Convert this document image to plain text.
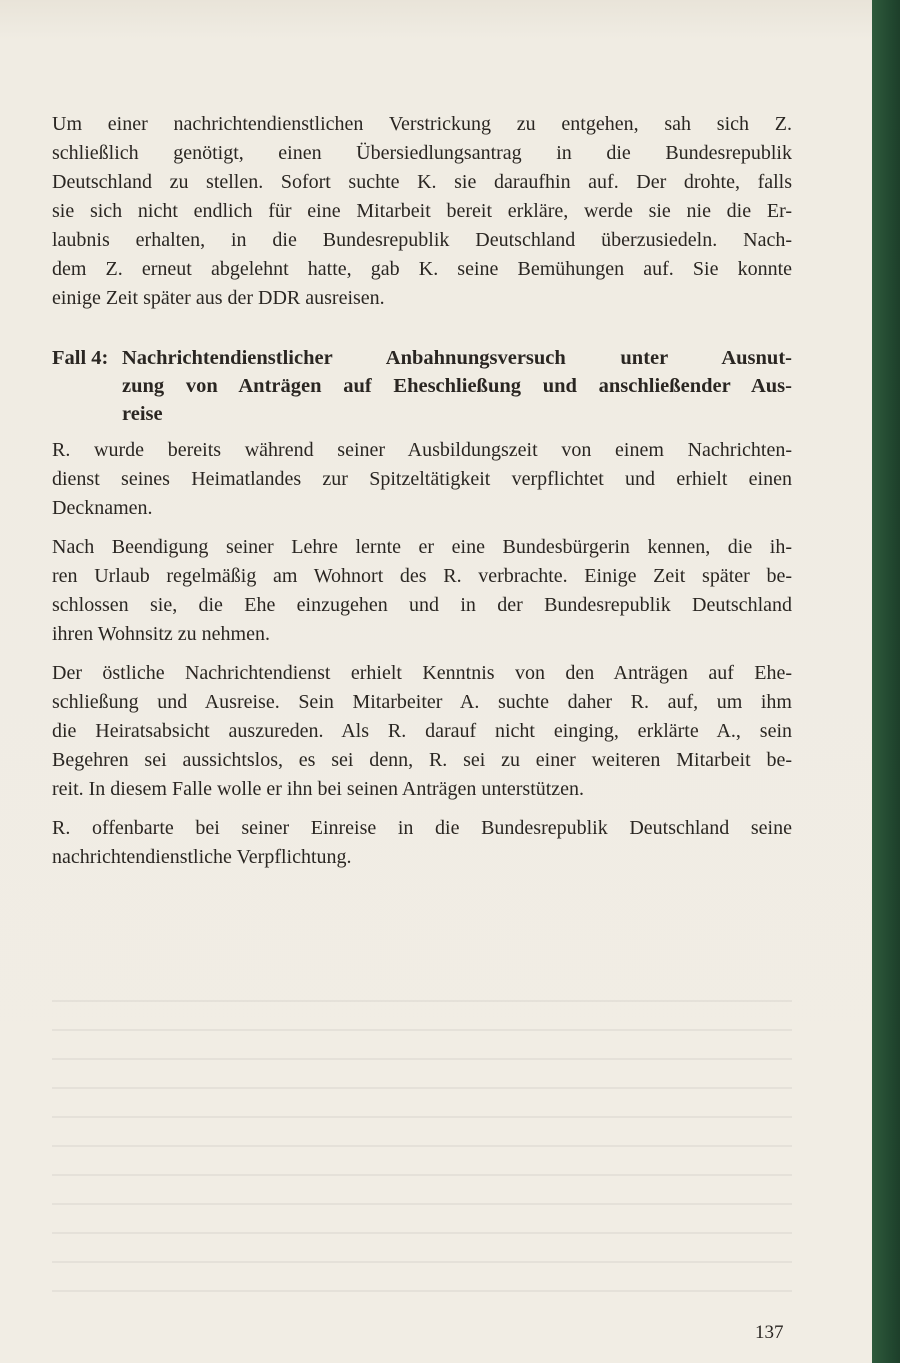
Um einer nachrichtendienstlichen Verstrickung zu entgehen, sah sich Z.
schließlich genötigt, einen Übersiedlungsantrag in die Bundesrepublik
Deutschland zu stellen. Sofort suchte K. sie daraufhin auf. Der drohte, falls
sie sich nicht endlich für eine Mitarbeit bereit erkläre, werde sie nie die Er-
laubnis erhalten, in die Bundesrepublik Deutschland überzusiedeln. Nach-
dem Z. erneut abgelehnt hatte, gab K. seine Bemühungen auf. Sie konnte
einige Zeit später aus der DDR ausreisen.
Fall 4: Nachrichtendienstlicher Anbahnungsversuch unter Ausnut-
zung von Anträgen auf Eheschließung und anschließender Aus-
reise
R. wurde bereits während seiner Ausbildungszeit von einem Nachrichten-
dienst seines Heimatlandes zur Spitzeltätigkeit verpflichtet und erhielt einen
Decknamen.
Nach Beendigung seiner Lehre lernte er eine Bundesbürgerin kennen, die ih-
ren Urlaub regelmäßig am Wohnort des R. verbrachte. Einige Zeit später be-
schlossen sie, die Ehe einzugehen und in der Bundesrepublik Deutschland
ihren Wohnsitz zu nehmen.
Der östliche Nachrichtendienst erhielt Kenntnis von den Anträgen auf Ehe-
schließung und Ausreise. Sein Mitarbeiter A. suchte daher R. auf, um ihm
die Heiratsabsicht auszureden. Als R. darauf nicht einging, erklärte A., sein
Begehren sei aussichtslos, es sei denn, R. sei zu einer weiteren Mitarbeit be-
reit. In diesem Falle wolle er ihn bei seinen Anträgen unterstützen.
R. offenbarte bei seiner Einreise in die Bundesrepublik Deutschland seine
nachrichtendienstliche Verpflichtung.
137
